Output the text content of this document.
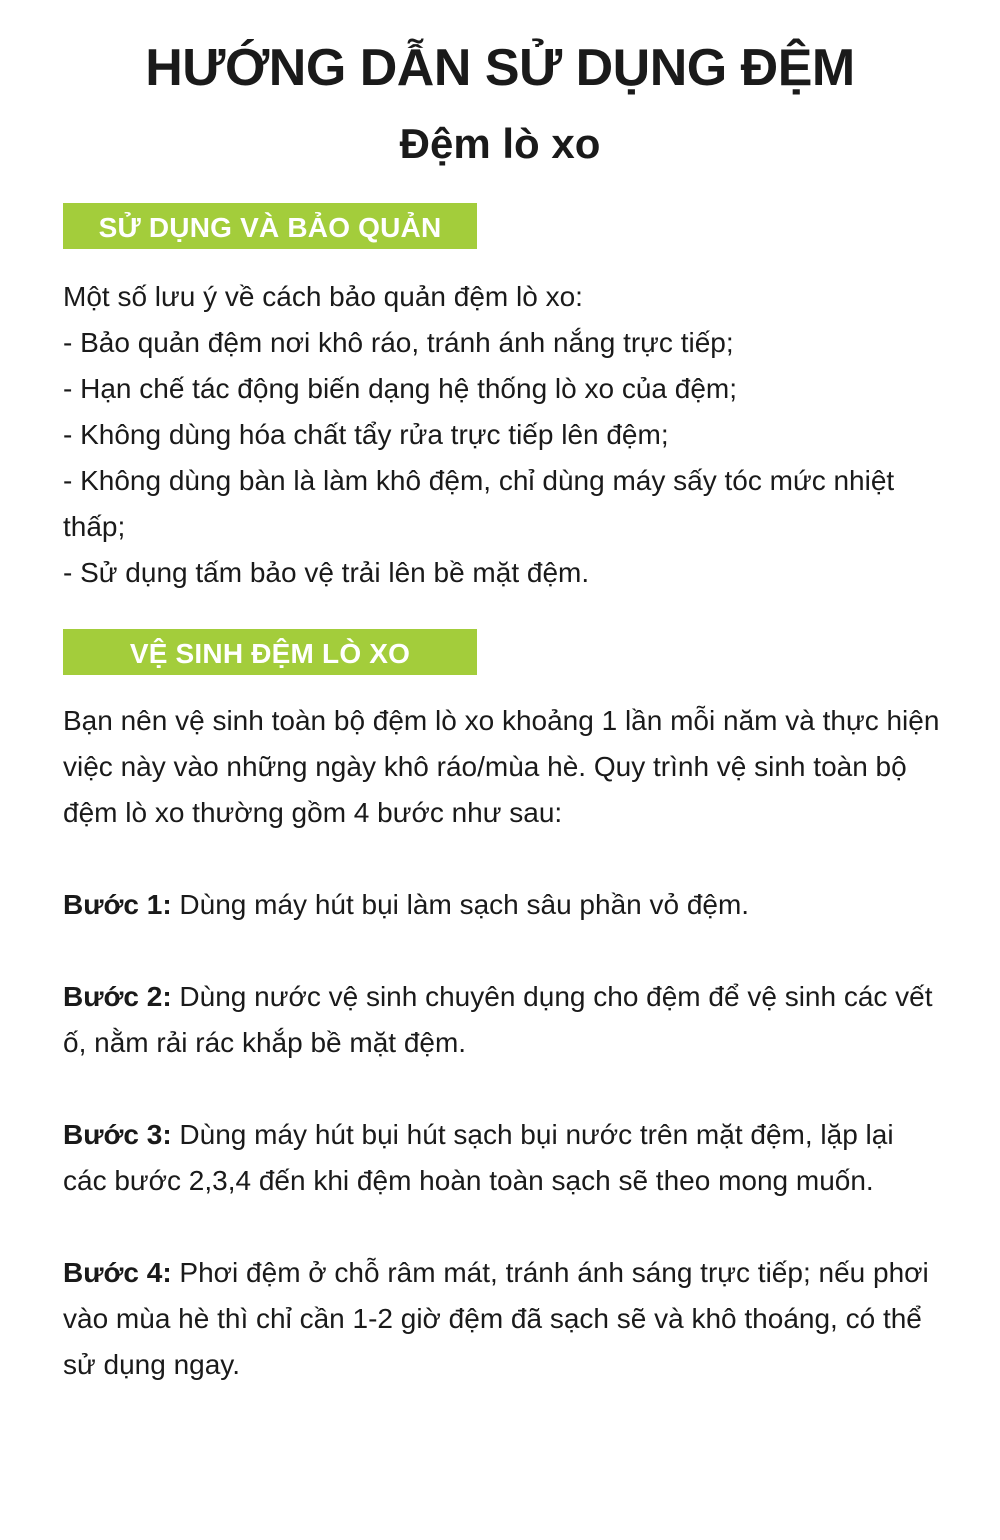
HƯỚNG DẪN SỬ DỤNG ĐỆM
Đệm lò xo
SỬ DỤNG VÀ BẢO QUẢN

Một số lưu ý về cách bảo quản đệm lò xo:

- Bảo quản đệm nơi khô ráo, tránh ánh nắng trực tiếp;

- Hạn chế tác động biến dạng hệ thống lò xo của đệm;

- Không dùng hóa chất tẩy rửa trực tiếp lên đệm;

- Không dùng bàn là làm khô đệm, chỉ dùng máy sấy tóc mức nhiệt thấp;

- Sử dụng tấm bảo vệ trải lên bề mặt đệm.

VỆ SINH ĐỆM LÒ XO

Bạn nên vệ sinh toàn bộ đệm lò xo khoảng 1 lần mỗi năm và thực hiện việc này vào những ngày khô ráo/mùa hè. Quy trình vệ sinh toàn bộ đệm lò xo thường gồm 4 bước như sau:

Bước 1: Dùng máy hút bụi làm sạch sâu phần vỏ đệm.

Bước 2: Dùng nước vệ sinh chuyên dụng cho đệm để vệ sinh các vết ố, nằm rải rác khắp bề mặt đệm.

Bước 3: Dùng máy hút bụi hút sạch bụi nước trên mặt đệm, lặp lại các bước 2,3,4 đến khi đệm hoàn toàn sạch sẽ theo mong muốn.

Bước 4: Phơi đệm ở chỗ râm mát, tránh ánh sáng trực tiếp; nếu phơi vào mùa hè thì chỉ cần 1-2 giờ đệm đã sạch sẽ và khô thoáng, có thể sử dụng ngay.
